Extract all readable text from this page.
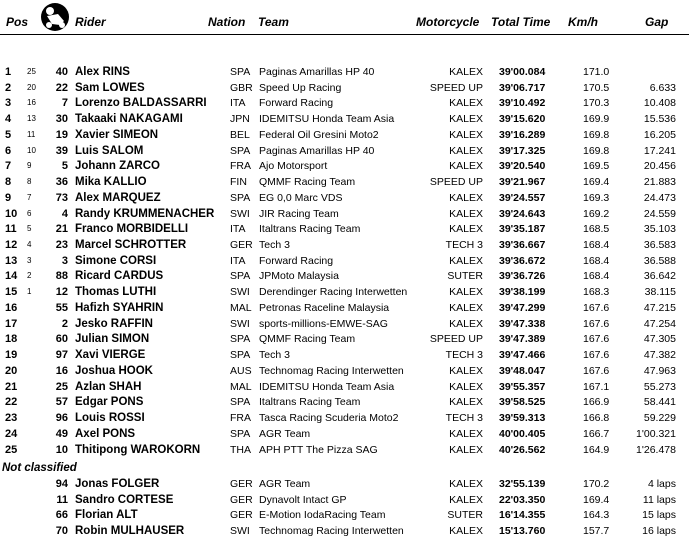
Pos	Rider	Nation Team	Motorcycle Total Time Km/h	Gap
1	25	40 Alex RINS	SPA Paginas Amarillas HP 40	KALEX 39'00.084	171.0
2	20	22 Sam LOWES	GBR Speed Up Racing	SPEED UP 39'06.717	170.5	6.633
3	16	7 Lorenzo BALDASSARRI ITA Forward Racing	KALEX 39'10.492	170.3	10.408
4	13	30 Takaaki NAKAGAMI	JPN IDEMITSU Honda Team Asia	KALEX 39'15.620	169.9	15.536
5	11	19 Xavier SIMEON	BEL Federal Oil Gresini Moto2	KALEX 39'16.289	169.8	16.205
6	10	39 Luis SALOM	SPA Paginas Amarillas HP 40	KALEX 39'17.325	169.8	17.241
7	9	5 Johann ZARCO	FRA Ajo Motorsport	KALEX 39'20.540	169.5	20.456
8	8	36 Mika KALLIO	FIN QMMF Racing Team	SPEED UP 39'21.967	169.4	21.883
9	7	73 Alex MARQUEZ	SPA EG 0,0 Marc VDS	KALEX 39'24.557	169.3	24.473
10	6	4 Randy KRUMMENACHER SWI JIR Racing Team	KALEX 39'24.643	169.2	24.559
11	5	21 Franco MORBIDELLI	ITA Italtrans Racing Team	KALEX 39'35.187	168.5	35.103
12	4	23 Marcel SCHROTTER	GER Tech 3	TECH 3 39'36.667	168.4	36.583
13	3	3 Simone CORSI	ITA Forward Racing	KALEX 39'36.672	168.4	36.588
14	2	88 Ricard CARDUS	SPA JPMoto Malaysia	SUTER 39'36.726	168.4	36.642
15	1	12 Thomas LUTHI	SWI Derendinger Racing Interwetten	KALEX 39'38.199	168.3	38.115
16	55 Hafizh SYAHRIN	MAL Petronas Raceline Malaysia	KALEX 39'47.299	167.6	47.215
17	2 Jesko RAFFIN	SWI sports-millions-EMWE-SAG	KALEX 39'47.338	167.6	47.254
18	60 Julian SIMON	SPA QMMF Racing Team	SPEED UP 39'47.389	167.6	47.305
19	97 Xavi VIERGE	SPA Tech 3	TECH 3 39'47.466	167.6	47.382
20	16 Joshua HOOK	AUS Technomag Racing Interwetten	KALEX 39'48.047	167.6	47.963
21	25 Azlan SHAH	MAL IDEMITSU Honda Team Asia	KALEX 39'55.357	167.1	55.273
22	57 Edgar PONS	SPA Italtrans Racing Team	KALEX 39'58.525	166.9	58.441
23	96 Louis ROSSI	FRA Tasca Racing Scuderia Moto2	TECH 3 39'59.313	166.8	59.229
24	49 Axel PONS	SPA AGR Team	KALEX 40'00.405	166.7	1'00.321
25	10 Thitipong WAROKORN	THA APH PTT The Pizza SAG	KALEX 40'26.562	164.9	1'26.478
Not classified
94 Jonas FOLGER	GER AGR Team	KALEX 32'55.139	170.2	4 laps
11 Sandro CORTESE	GER Dynavolt Intact GP	KALEX 22'03.350	169.4	11 laps
66 Florian ALT	GER E-Motion IodaRacing Team	SUTER 16'14.355	164.3	15 laps
70 Robin MULHAUSER	SWI Technomag Racing Interwetten	KALEX 15'13.760	157.7	16 laps
